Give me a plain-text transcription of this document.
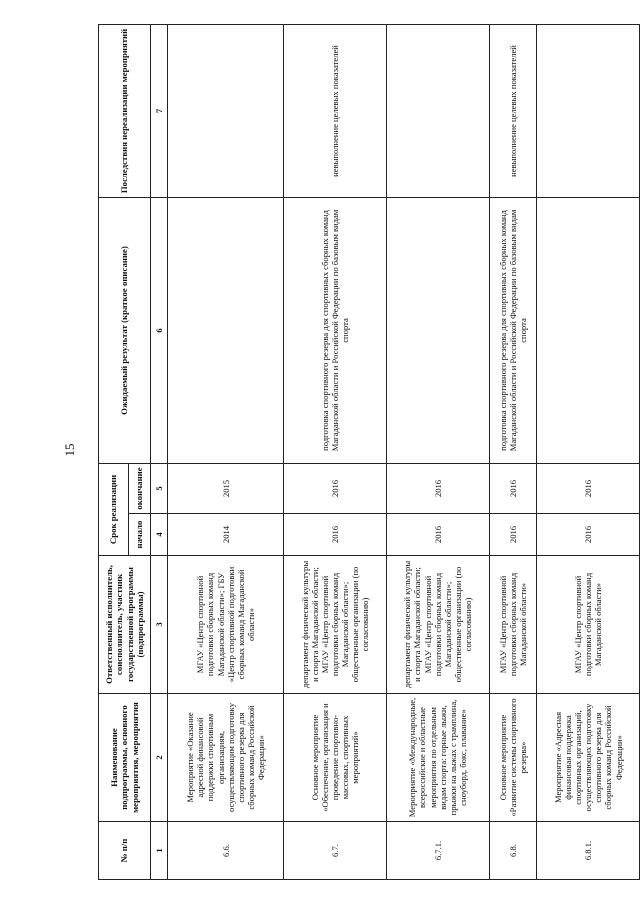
15
№ п/п	Наименование подпрограммы, основного мероприятия, мероприятия	Ответственный исполнитель, соисполнитель, участник государственной программы (подпрограммы)	Срок реализации		Ожидаемый результат (краткое описание)	Последствия нереализации мероприятий
			начало	окончание		
1	2	3	4	5	6	7
6.6.	Мероприятие «Оказание адресной финансовой поддержки спортивным организациям, осуществляющим подготовку спортивного резерва для сборных команд Российской Федерации»	МГАУ «Центр спортивной подготовки сборных команд Магаданской области»; ГБУ «Центр спортивной подготовки сборных команд Магаданской области»	2014	2015		
6.7.	Основное мероприятие «Обеспечение, организация и проведение спортивно-массовых, спортивных мероприятий»	департамент физической культуры и спорта Магаданской области; МГАУ «Центр спортивной подготовки сборных команд Магаданской области»; общественные организации (по согласованию)	2016	2016	подготовка спортивного резерва для спортивных сборных команд Магаданской области и Российской Федерации по базовым видам спорта	невыполнение целевых показателей
6.7.1.	Мероприятие «Международные, всероссийские и областные мероприятия по отдельным видам спорта: горные лыжи, прыжки на лыжах с трамплина, сноуборд, бокс, плавание»	департамент физической культуры и спорта Магаданской области; МГАУ «Центр спортивной подготовки сборных команд Магаданской области»; общественные организации (по согласованию)	2016	2016		
6.8.	Основное мероприятие «Развитие системы спортивного резерва»	МГАУ «Центр спортивной подготовки сборных команд Магаданской области»	2016	2016	подготовка спортивного резерва для спортивных сборных команд Магаданской области и Российской Федерации по базовым видам спорта	невыполнение целевых показателей
6.8.1.	Мероприятие «Адресная финансовая поддержка спортивных организаций, осуществляющих подготовку спортивного резерва для сборных команд Российской Федерации»	МГАУ «Центр спортивной подготовки сборных команд Магаданской области»	2016	2016		
